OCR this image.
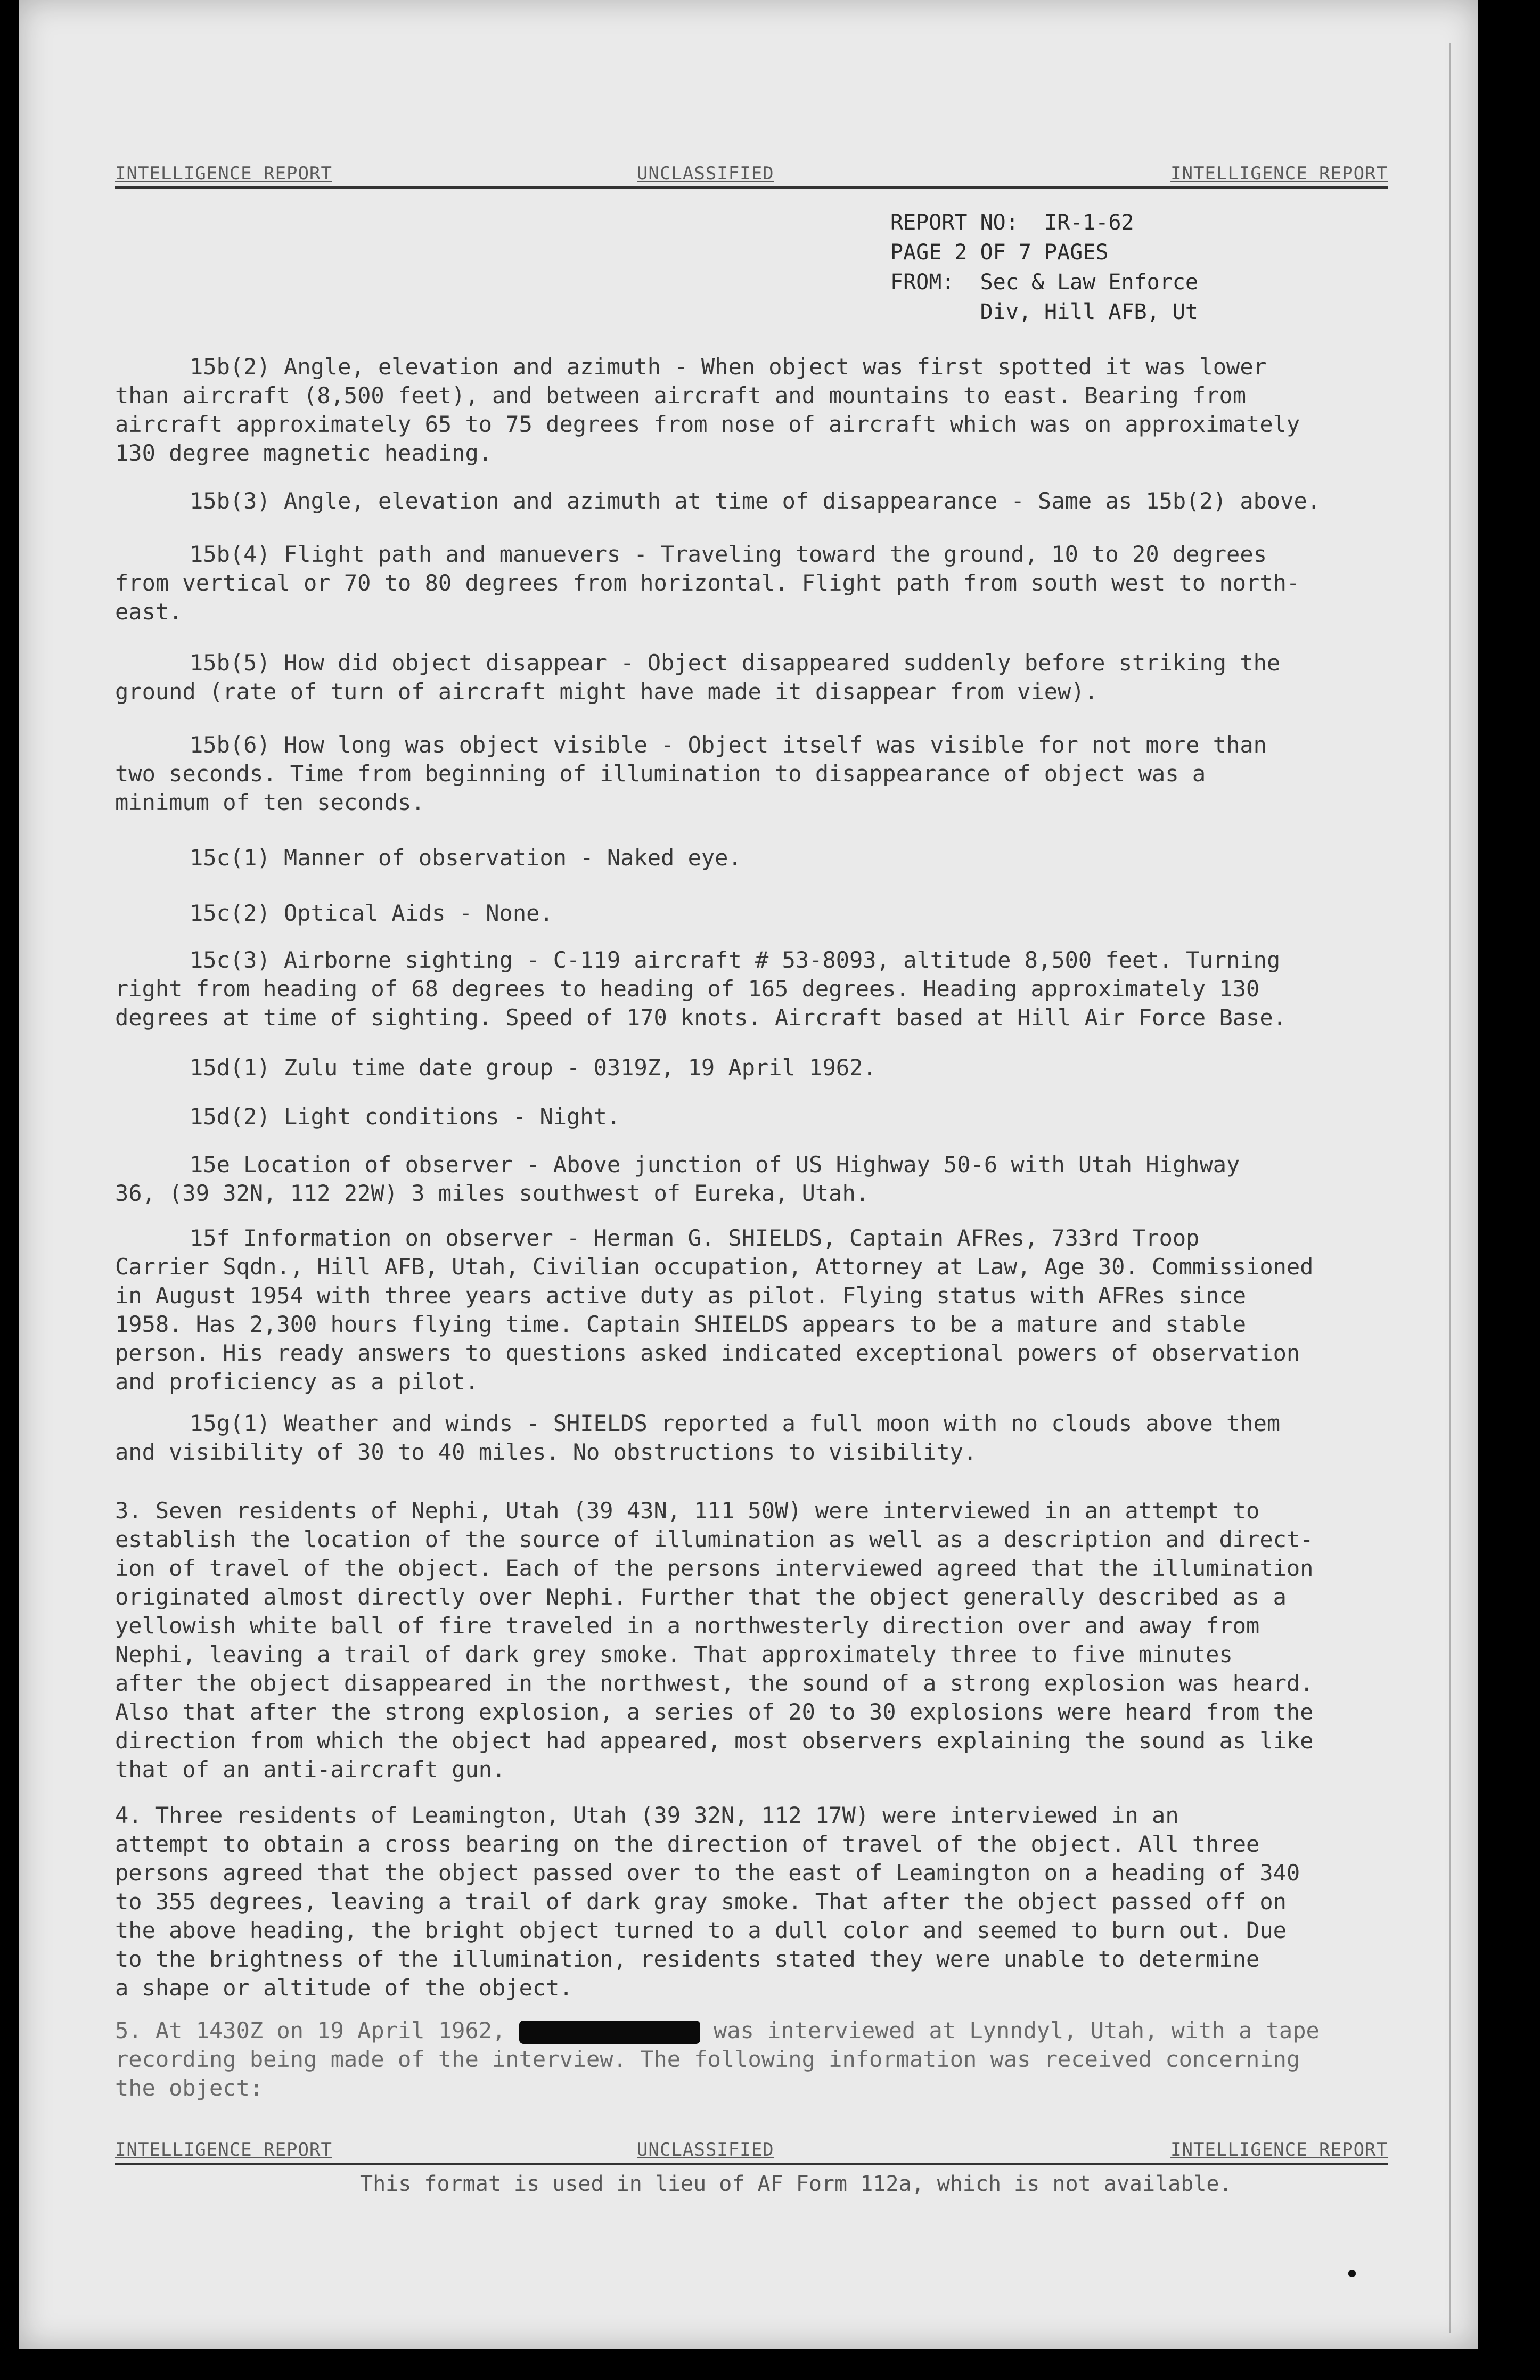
INTELLIGENCE REPORT	UNCLASSIFIED	INTELLIGENCE REPORT
REPORT NO:  IR-1-62
PAGE 2 OF 7 PAGES
FROM:  Sec & Law Enforce
Div, Hill AFB, Ut
15b(2) Angle, elevation and azimuth - When object was first spotted it was lower
than aircraft (8,500 feet), and between aircraft and mountains to east. Bearing from
aircraft approximately 65 to 75 degrees from nose of aircraft which was on approximately
130 degree magnetic heading.
15b(3) Angle, elevation and azimuth at time of disappearance - Same as 15b(2) above.
15b(4) Flight path and manuevers - Traveling toward the ground, 10 to 20 degrees
from vertical or 70 to 80 degrees from horizontal. Flight path from south west to north-
east.
15b(5) How did object disappear - Object disappeared suddenly before striking the
ground (rate of turn of aircraft might have made it disappear from view).
15b(6) How long was object visible - Object itself was visible for not more than
two seconds. Time from beginning of illumination to disappearance of object was a
minimum of ten seconds.
15c(1) Manner of observation - Naked eye.
15c(2) Optical Aids - None.
15c(3) Airborne sighting - C-119 aircraft # 53-8093, altitude 8,500 feet. Turning
right from heading of 68 degrees to heading of 165 degrees. Heading approximately 130
degrees at time of sighting. Speed of 170 knots. Aircraft based at Hill Air Force Base.
15d(1) Zulu time date group - 0319Z, 19 April 1962.
15d(2) Light conditions - Night.
15e Location of observer - Above junction of US Highway 50-6 with Utah Highway
36, (39 32N, 112 22W) 3 miles southwest of Eureka, Utah.
15f Information on observer - Herman G. SHIELDS, Captain AFRes, 733rd Troop
Carrier Sqdn., Hill AFB, Utah, Civilian occupation, Attorney at Law, Age 30. Commissioned
in August 1954 with three years active duty as pilot. Flying status with AFRes since
1958. Has 2,300 hours flying time. Captain SHIELDS appears to be a mature and stable
person. His ready answers to questions asked indicated exceptional powers of observation
and proficiency as a pilot.
15g(1) Weather and winds - SHIELDS reported a full moon with no clouds above them
and visibility of 30 to 40 miles. No obstructions to visibility.
3. Seven residents of Nephi, Utah (39 43N, 111 50W) were interviewed in an attempt to
establish the location of the source of illumination as well as a description and direct-
ion of travel of the object. Each of the persons interviewed agreed that the illumination
originated almost directly over Nephi. Further that the object generally described as a
yellowish white ball of fire traveled in a northwesterly direction over and away from
Nephi, leaving a trail of dark grey smoke. That approximately three to five minutes
after the object disappeared in the northwest, the sound of a strong explosion was heard.
Also that after the strong explosion, a series of 20 to 30 explosions were heard from the
direction from which the object had appeared, most observers explaining the sound as like
that of an anti-aircraft gun.
4. Three residents of Leamington, Utah (39 32N, 112 17W) were interviewed in an
attempt to obtain a cross bearing on the direction of travel of the object. All three
persons agreed that the object passed over to the east of Leamington on a heading of 340
to 355 degrees, leaving a trail of dark gray smoke. That after the object passed off on
the above heading, the bright object turned to a dull color and seemed to burn out. Due
to the brightness of the illumination, residents stated they were unable to determine
a shape or altitude of the object.
5. At 1430Z on 19 April 1962,	was interviewed at Lynndyl, Utah, with a tape
recording being made of the interview. The following information was received concerning
the object:
INTELLIGENCE REPORT	UNCLASSIFIED	INTELLIGENCE REPORT
This format is used in lieu of AF Form 112a, which is not available.
